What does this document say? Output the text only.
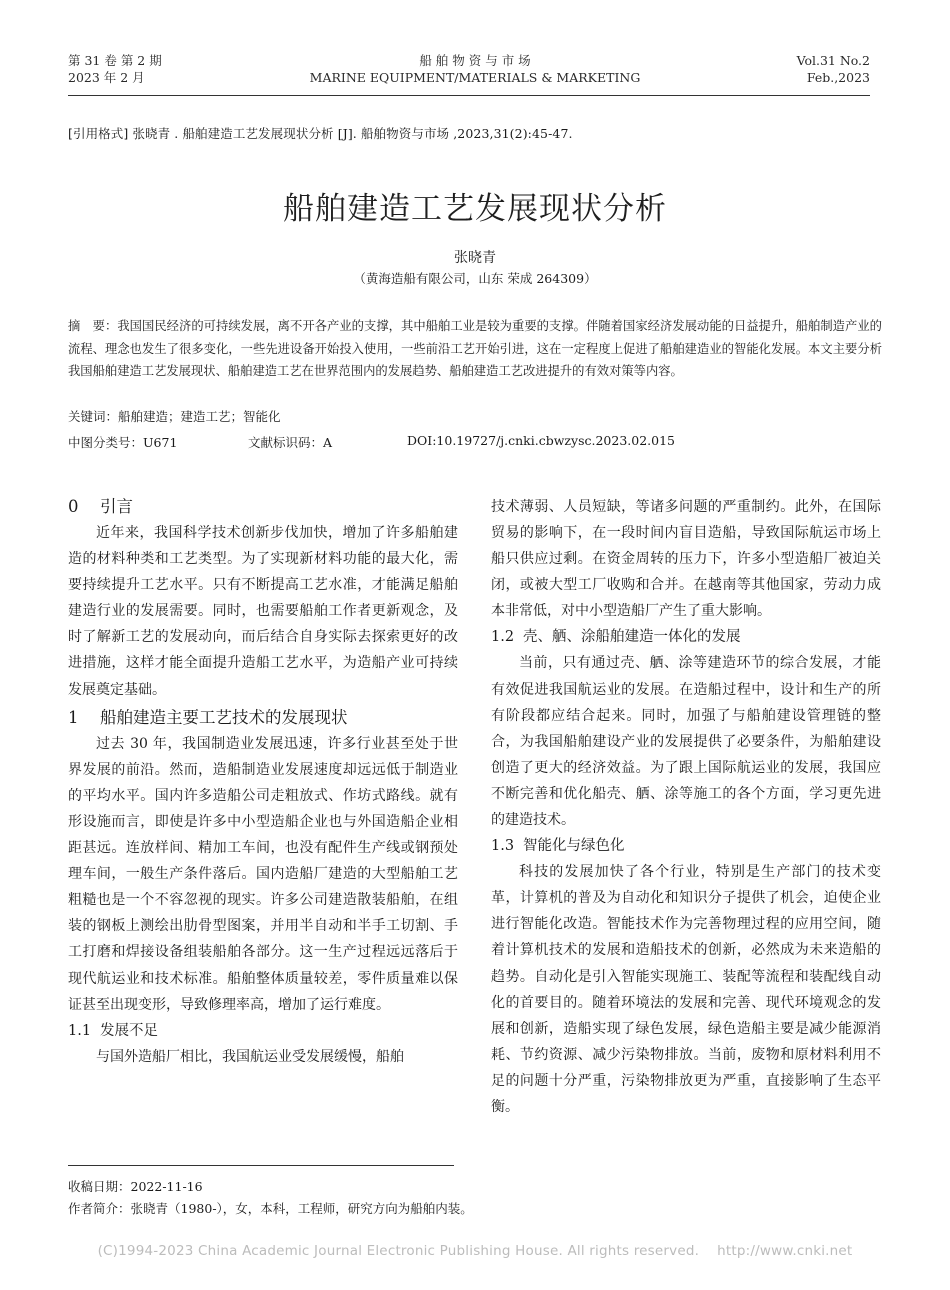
第 31 卷 第 2 期
2023 年 2 月
船 舶 物 资 与 市 场
MARINE EQUIPMENT/MATERIALS & MARKETING
Vol.31 No.2
Feb.,2023
[引用格式] 张晓青 . 船舶建造工艺发展现状分析 [J]. 船舶物资与市场 ,2023,31(2):45-47.
船舶建造工艺发展现状分析
张晓青
（黄海造船有限公司，山东 荣成 264309）
摘　要：我国国民经济的可持续发展，离不开各产业的支撑，其中船舶工业是较为重要的支撑。伴随着国家经济发展动能的日益提升，船舶制造产业的流程、理念也发生了很多变化，一些先进设备开始投入使用，一些前沿工艺开始引进，这在一定程度上促进了船舶建造业的智能化发展。本文主要分析我国船舶建造工艺发展现状、船舶建造工艺在世界范围内的发展趋势、船舶建造工艺改进提升的有效对策等内容。
关键词：船舶建造；建造工艺；智能化
中图分类号：U671	文献标识码：A	DOI:10.19727/j.cnki.cbwzysc.2023.02.015
0 引言

近年来，我国科学技术创新步伐加快，增加了许多船舶建造的材料种类和工艺类型。为了实现新材料功能的最大化，需要持续提升工艺水平。只有不断提高工艺水准，才能满足船舶建造行业的发展需要。同时，也需要船舶工作者更新观念，及时了解新工艺的发展动向，而后结合自身实际去探索更好的改进措施，这样才能全面提升造船工艺水平，为造船产业可持续发展奠定基础。

1 船舶建造主要工艺技术的发展现状

过去 30 年，我国制造业发展迅速，许多行业甚至处于世界发展的前沿。然而，造船制造业发展速度却远远低于制造业的平均水平。国内许多造船公司走粗放式、作坊式路线。就有形设施而言，即使是许多中小型造船企业也与外国造船企业相距甚远。连放样间、精加工车间，也没有配件生产线或钢预处理车间，一般生产条件落后。国内造船厂建造的大型船舶工艺粗糙也是一个不容忽视的现实。许多公司建造散装船舶，在组装的钢板上测绘出肋骨型图案，并用半自动和半手工切割、手工打磨和焊接设备组装船舶各部分。这一生产过程远远落后于现代航运业和技术标准。船舶整体质量较差，零件质量难以保证甚至出现变形，导致修理率高，增加了运行难度。

1.1 发展不足

与国外造船厂相比，我国航运业受发展缓慢，船舶

技术薄弱、人员短缺，等诸多问题的严重制约。此外，在国际贸易的影响下，在一段时间内盲目造船，导致国际航运市场上船只供应过剩。在资金周转的压力下，许多小型造船厂被迫关闭，或被大型工厂收购和合并。在越南等其他国家，劳动力成本非常低，对中小型造船厂产生了重大影响。

1.2 壳、舾、涂船舶建造一体化的发展

当前，只有通过壳、舾、涂等建造环节的综合发展，才能有效促进我国航运业的发展。在造船过程中，设计和生产的所有阶段都应结合起来。同时，加强了与船舶建设管理链的整合，为我国船舶建设产业的发展提供了必要条件，为船舶建设创造了更大的经济效益。为了跟上国际航运业的发展，我国应不断完善和优化船壳、舾、涂等施工的各个方面，学习更先进的建造技术。

1.3 智能化与绿色化

科技的发展加快了各个行业，特别是生产部门的技术变革，计算机的普及为自动化和知识分子提供了机会，迫使企业进行智能化改造。智能技术作为完善物理过程的应用空间，随着计算机技术的发展和造船技术的创新，必然成为未来造船的趋势。自动化是引入智能实现施工、装配等流程和装配线自动化的首要目的。随着环境法的发展和完善、现代环境观念的发展和创新，造船实现了绿色发展，绿色造船主要是减少能源消耗、节约资源、减少污染物排放。当前，废物和原材料利用不足的问题十分严重，污染物排放更为严重，直接影响了生态平衡。

收稿日期：2022-11-16
作者简介：张晓青（1980-），女，本科，工程师，研究方向为船舶内装。
(C)1994-2023 China Academic Journal Electronic Publishing House. All rights reserved.    http://www.cnki.net
